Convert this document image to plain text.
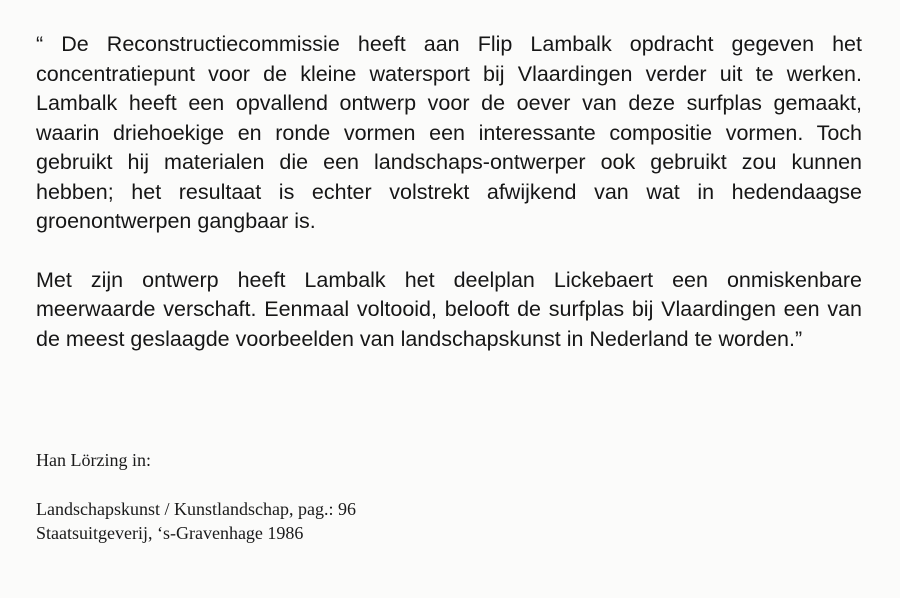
“ De Reconstructiecommissie heeft aan Flip Lambalk opdracht gegeven het concentratiepunt voor de kleine watersport bij Vlaardingen verder uit te werken. Lambalk heeft een opvallend ontwerp voor de oever van deze surfplas gemaakt, waarin driehoekige en ronde vormen een interessante compositie vormen. Toch gebruikt hij materialen die een landschaps-ontwerper ook gebruikt zou kunnen hebben; het resultaat is echter volstrekt afwijkend van wat in hedendaagse groenontwerpen gangbaar is.

Met zijn ontwerp heeft Lambalk het deelplan Lickebaert een onmiskenbare meerwaarde verschaft. Eenmaal voltooid, belooft de surfplas bij Vlaardingen een van de meest geslaagde voorbeelden van landschapskunst in Nederland te worden.”

Han Lörzing in:
Landschapskunst / Kunstlandschap, pag.: 96
Staatsuitgeverij, ‘s-Gravenhage 1986
